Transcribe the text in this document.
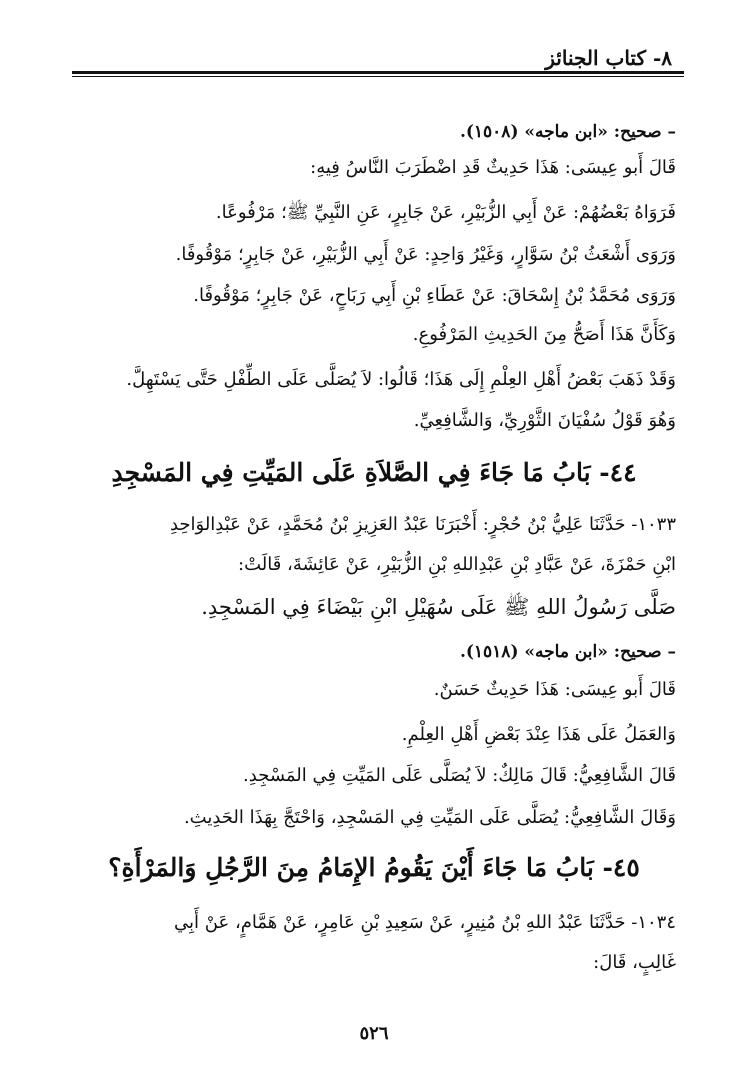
٨- كتاب الجنائز
– صحيح: «ابن ماجه» (١٥٠٨).
قَالَ أَبو عِيسَى: هَذَا حَدِيثٌ قَدِ اضْطَرَبَ النَّاسُ فِيهِ:
فَرَوَاهُ بَعْضُهُمْ: عَنْ أَبِي الزُّبَيْرِ، عَنْ جَابِرٍ، عَنِ النَّبِيِّ ﷺ؛ مَرْفُوعًا.
وَرَوَى أَشْعَثُ بْنُ سَوَّارٍ، وَغَيْرُ وَاحِدٍ: عَنْ أَبِي الزُّبَيْرِ، عَنْ جَابِرٍ؛ مَوْقُوفًا.
وَرَوَى مُحَمَّدُ بْنُ إِسْحَاقَ: عَنْ عَطَاءِ بْنِ أَبِي رَبَاحٍ، عَنْ جَابِرٍ؛ مَوْقُوفًا.
وَكَأَنَّ هَذَا أَصَحُّ مِنَ الحَدِيثِ المَرْفُوعِ.
وَقَدْ ذَهَبَ بَعْضُ أَهْلِ العِلْمِ إِلَى هَذَا؛ قَالُوا: لاَ يُصَلَّى عَلَى الطِّفْلِ حَتَّى يَسْتَهِلَّ.
وَهُوَ قَوْلُ سُفْيَانَ الثَّوْرِيِّ، وَالشَّافِعِيِّ.
٤٤- بَابُ مَا جَاءَ فِي الصَّلاَةِ عَلَى المَيِّتِ فِي المَسْجِدِ
١٠٣٣- حَدَّثَنَا عَلِيُّ بْنُ حُجْرٍ: أَخْبَرَنَا عَبْدُ العَزِيزِ بْنُ مُحَمَّدٍ، عَنْ عَبْدِالوَاحِدِ
ابْنِ حَمْزَةَ، عَنْ عَبَّادِ بْنِ عَبْدِاللهِ بْنِ الزُّبَيْرِ، عَنْ عَائِشَةَ، قَالَتْ:
صَلَّى رَسُولُ اللهِ ﷺ عَلَى سُهَيْلِ ابْنِ بَيْضَاءَ فِي المَسْجِدِ.
– صحيح: «ابن ماجه» (١٥١٨).
قَالَ أَبو عِيسَى: هَذَا حَدِيثٌ حَسَنٌ.
وَالعَمَلُ عَلَى هَذَا عِنْدَ بَعْضِ أَهْلِ العِلْمِ.
قَالَ الشَّافِعِيُّ: قَالَ مَالِكٌ: لاَ يُصَلَّى عَلَى المَيِّتِ فِي المَسْجِدِ.
وَقَالَ الشَّافِعِيُّ: يُصَلَّى عَلَى المَيِّتِ فِي المَسْجِدِ، وَاحْتَجَّ بِهَذَا الحَدِيثِ.
٤٥- بَابُ مَا جَاءَ أَيْنَ يَقُومُ الإِمَامُ مِنَ الرَّجُلِ وَالمَرْأَةِ؟
١٠٣٤- حَدَّثَنَا عَبْدُ اللهِ بْنُ مُنِيرٍ، عَنْ سَعِيدِ بْنِ عَامِرٍ، عَنْ هَمَّامٍ، عَنْ أَبِي
غَالِبٍ، قَالَ:
٥٢٦
